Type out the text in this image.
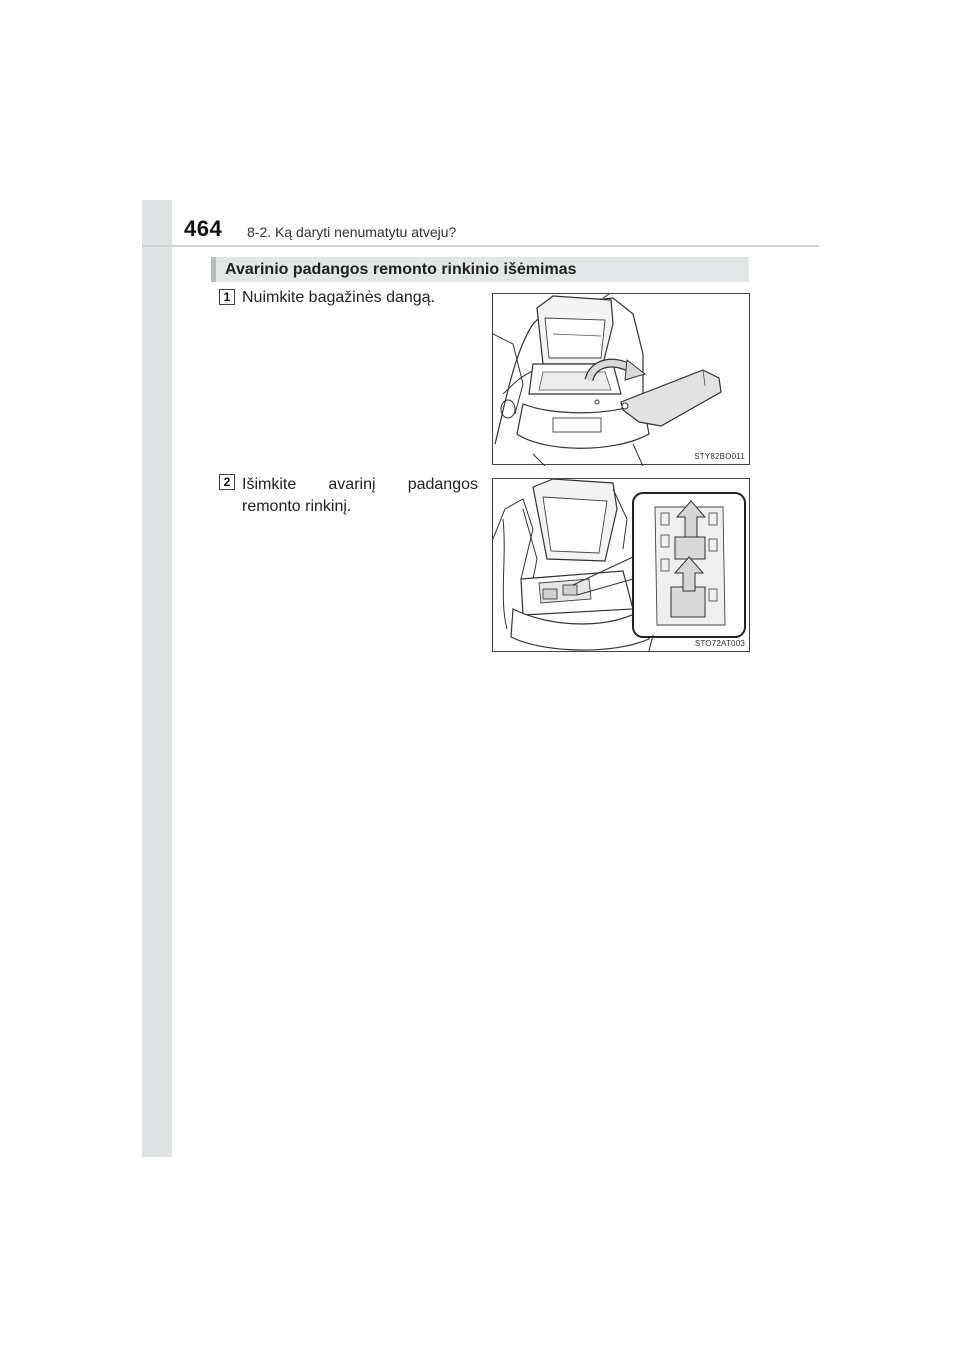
464 8-2. Ką daryti nenumatytu atveju?
Avarinio padangos remonto rinkinio išėmimas
1 Nuimkite bagažinės dangą.
STY82BO011
2 Išimkite avarinį padangos
remonto rinkinį.
STO72AT003
